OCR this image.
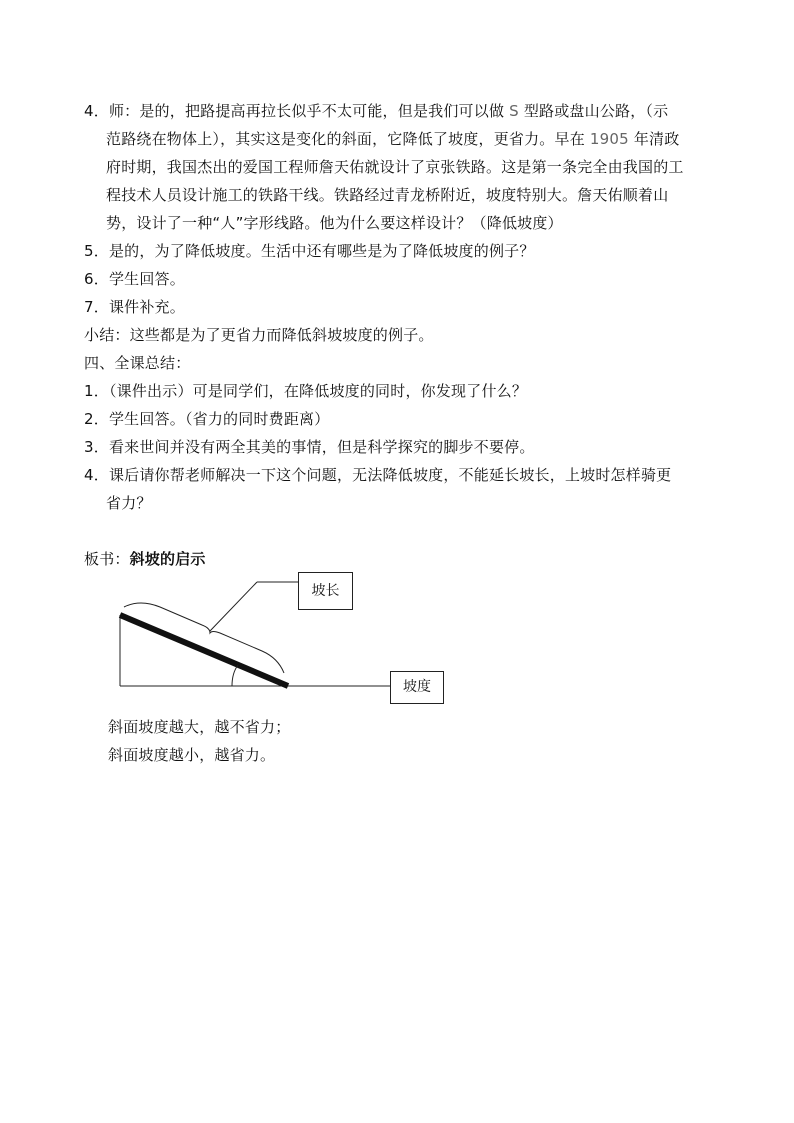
4．师：是的，把路提高再拉长似乎不太可能，但是我们可以做 S 型路或盘山公路，（示
范路绕在物体上），其实这是变化的斜面，它降低了坡度，更省力。早在 1905 年清政
府时期，我国杰出的爱国工程师詹天佑就设计了京张铁路。这是第一条完全由我国的工
程技术人员设计施工的铁路干线。铁路经过青龙桥附近，坡度特别大。詹天佑顺着山
势，设计了一种“人”字形线路。他为什么要这样设计？（降低坡度）
5．是的，为了降低坡度。生活中还有哪些是为了降低坡度的例子？
6．学生回答。
7．课件补充。
小结：这些都是为了更省力而降低斜坡坡度的例子。
四、全课总结：
1．（课件出示）可是同学们，在降低坡度的同时，你发现了什么？
2．学生回答。（省力的同时费距离）
3．看来世间并没有两全其美的事情，但是科学探究的脚步不要停。
4．课后请你帮老师解决一下这个问题，无法降低坡度，不能延长坡长，上坡时怎样骑更
省力？
板书：斜坡的启示
坡长
坡度
斜面坡度越大，越不省力；
斜面坡度越小，越省力。
